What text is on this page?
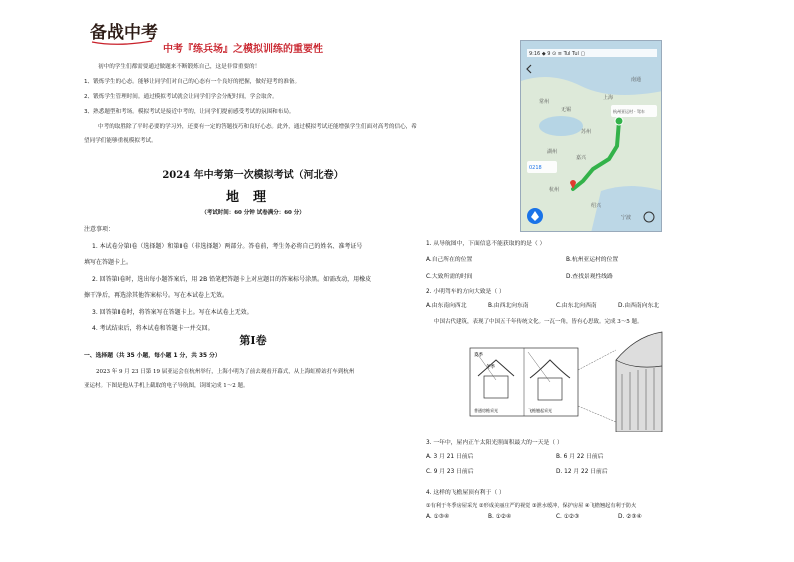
备战中考
中考『练兵场』之模拟训练的重要性

初中的学生们都需要通过做题来不断锻炼自己，这是非常重要的！

1、锻炼学生的心态。能够让同学们对自己的心态有一个良好的把握，做好迎考的准备。

2、锻炼学生管理时间。通过模拟考试就会让同学们学会分配时间，学会取舍。

3、熟悉题型和考场。模拟考试是接近中考的，让同学们提前感受考试的氛围和布局。

中考的取胜除了平时必要的学习外，还要有一定的答题技巧和良好心态。此外，通过模拟考试还能增强学生们面对高考的信心，希望同学们能够重视模拟考试。

2024 年中考第一次模拟考试（河北卷）
地理
（考试时间：60 分钟 试卷满分：60 分）

注意事项：

1. 本试卷分第Ⅰ卷（选择题）和第Ⅱ卷（非选择题）两部分。答卷前，考生务必将自己的姓名、准考证号

填写在答题卡上。

2. 回答第Ⅰ卷时，选出每小题答案后，用 2B 铅笔把答题卡上对应题目的答案标号涂黑。如需改动，用橡皮

擦干净后，再选涂其他答案标号。写在本试卷上无效。

3. 回答第Ⅱ卷时，将答案写在答题卡上。写在本试卷上无效。

4. 考试结束后，将本试卷和答题卡一并交回。

第Ⅰ卷
一、选择题（共 35 小题，每小题 1 分，共 35 分）

2023 年 9 月 23 日第 19 届亚运会在杭州举行，上海小明为了前去观看开幕式，从上海虹桥站打车到杭州

亚运村。下图是他从手机上截取的电子导航图，读图完成 1～2 题。

9:16 ◆ 9 ⊙ ≡ Tul Tul ▢
杭州亚运村 · 驾车
0218
上海
苏州
嘉兴
杭州
湖州
无锡
南通
宁波
绍兴
常州
1. 从导航图中，下面信息不能获取的的是（ ）
A.自己所在的位置	B.杭州亚运村的位置
C.大致所需的时间	D.查找景观性线路
2. 小明驾车的方向大致是（ ）
A.由东南向西北	B.由西北向东南	C.由东北向西南	D.由西南向东北
中国古代建筑，表现了中国五千年传统文化。一瓦一角，皆有心思致。完成 3～5 题。
夏季
冬季
普通房檐采光	飞檐翘起采光
3. 一年中，屋内正午太阳光照面积最大的一天是（ ）
A. 3 月 21 日前后	B. 6 月 22 日前后
C. 9 月 23 日前后	D. 12 月 22 日前后
4. 这样的飞檐屋顶有利于（ ）
①有利于冬季房屋采光 ②形成美丽庄严的视觉 ③泄水缓冲，保护房屋 ④飞檐翘起有利于防火
A. ①③④	B. ①②④	C. ①②③	D. ②③④
